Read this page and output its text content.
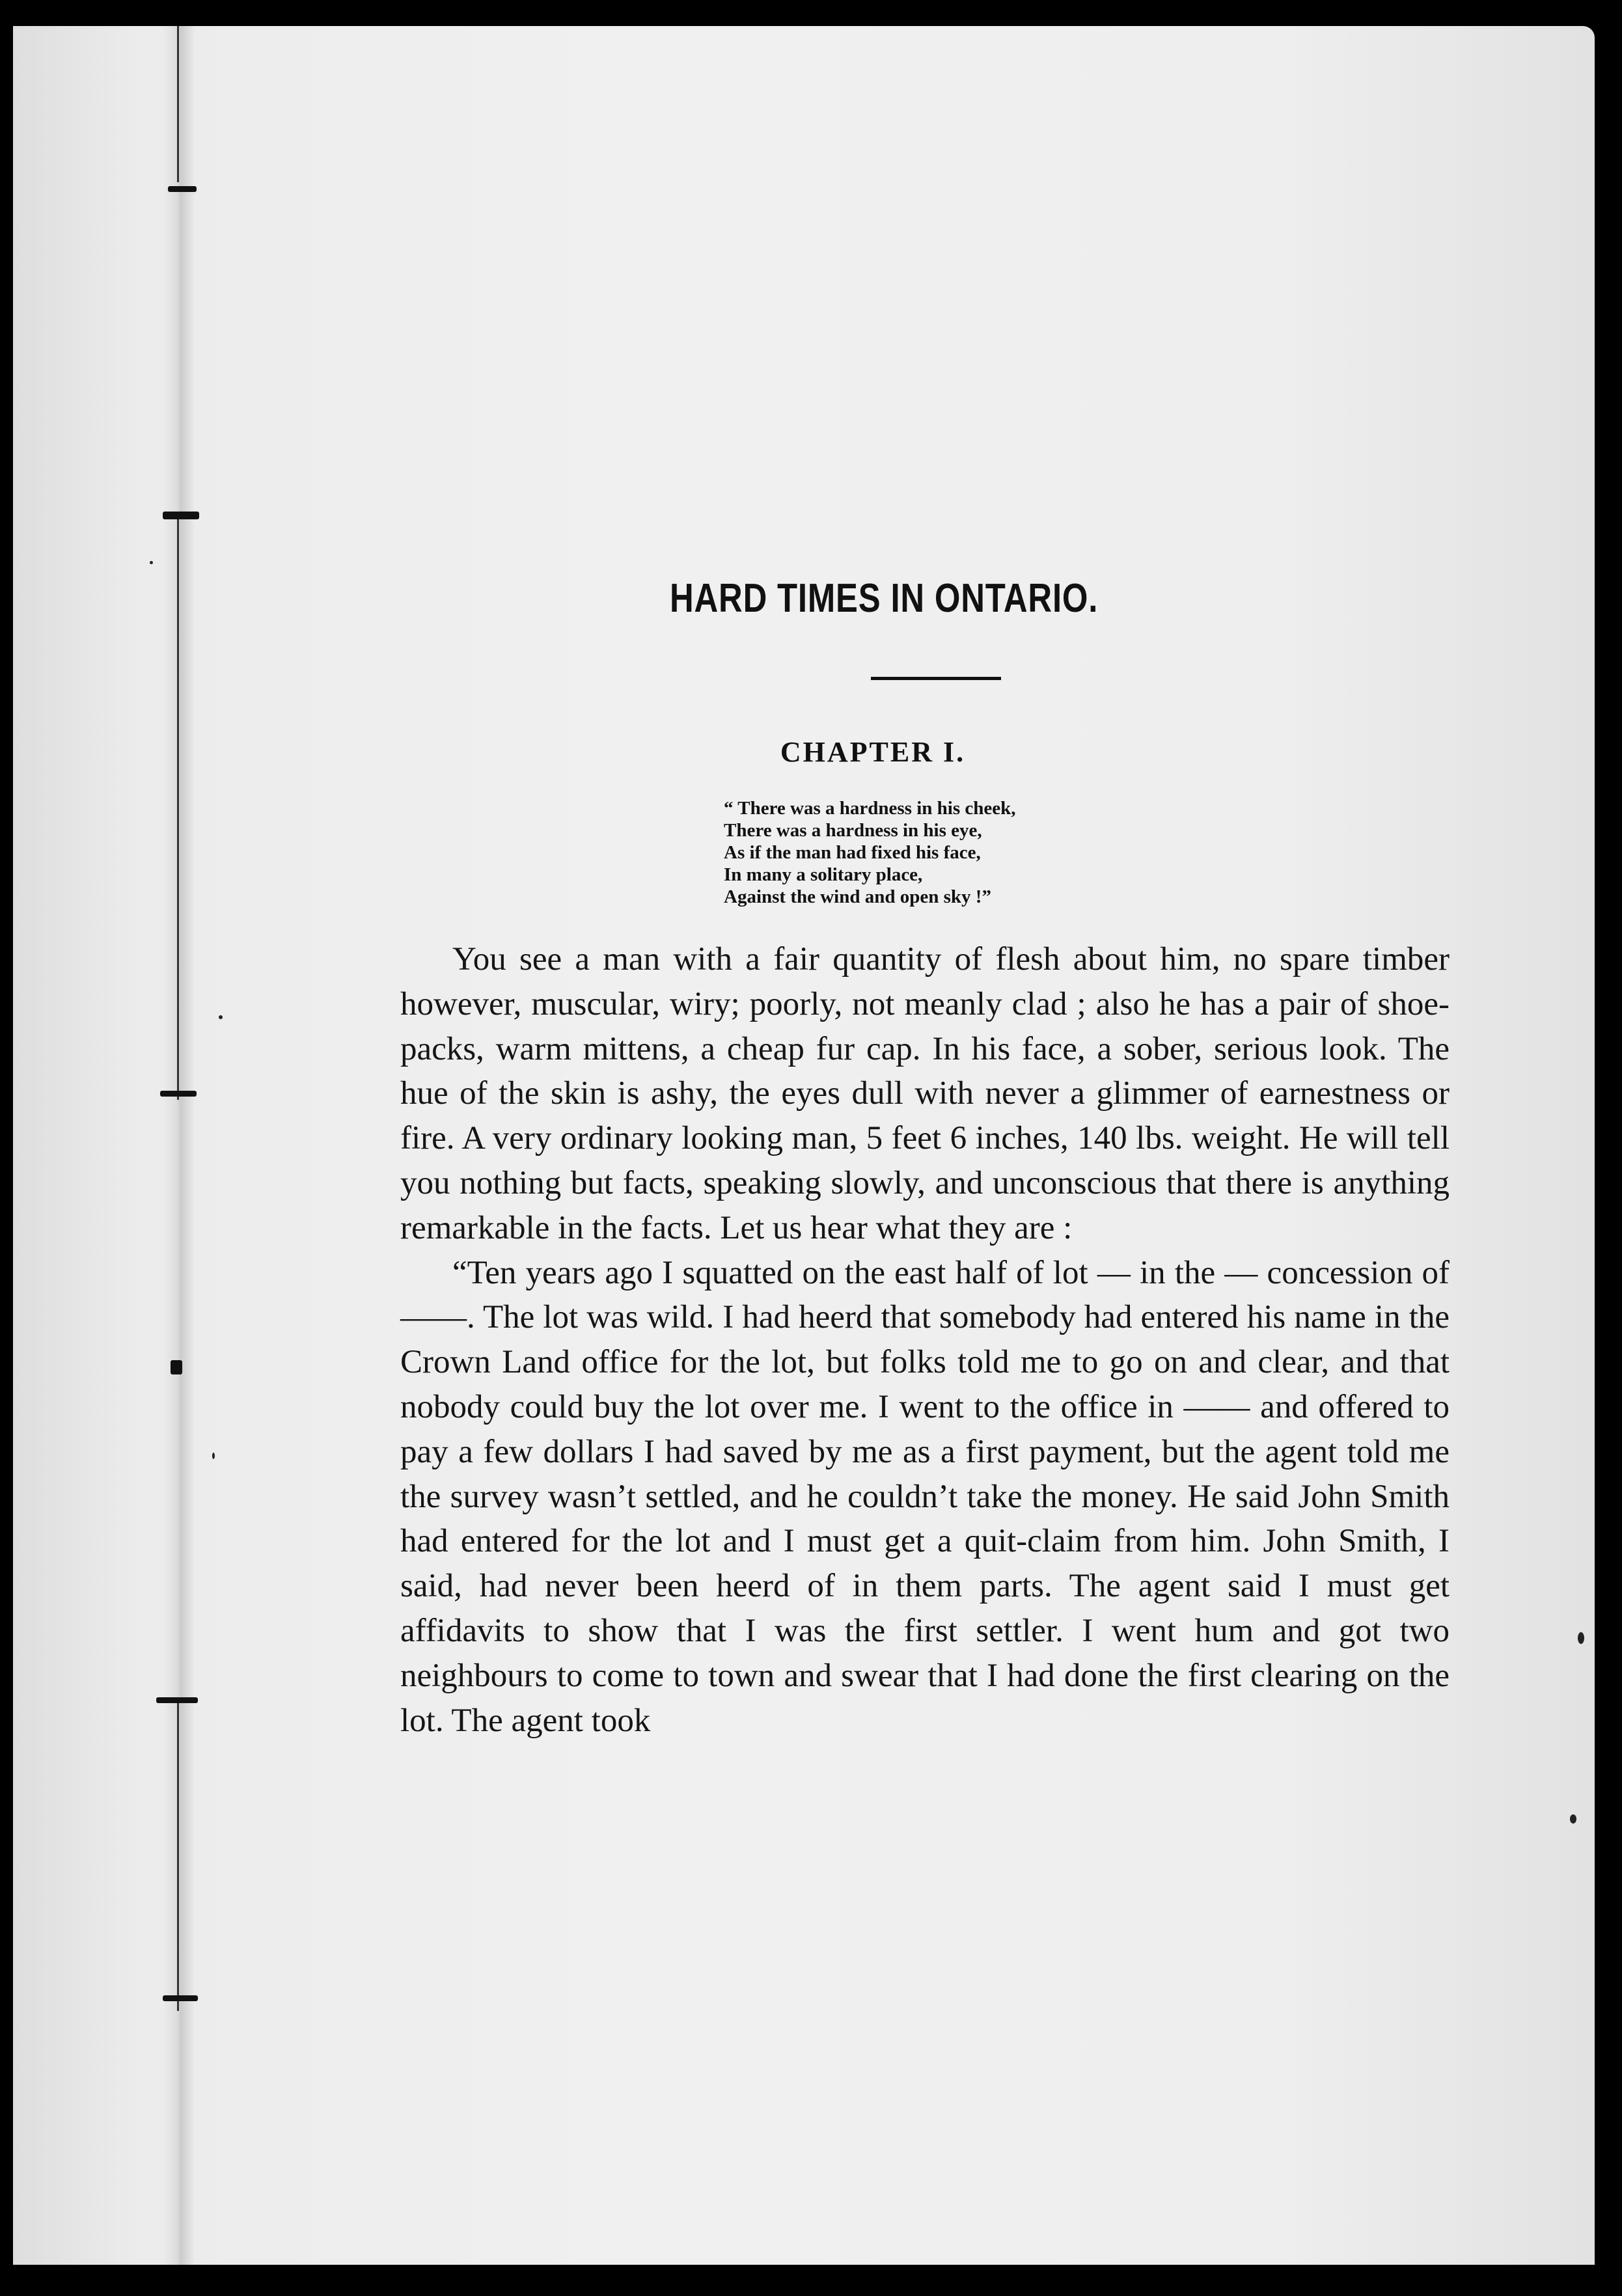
HARD TIMES IN ONTARIO.
CHAPTER I.
“ There was a hardness in his cheek,
There was a hardness in his eye,
As if the man had fixed his face,
In many a solitary place,
Against the wind and open sky !”

You see a man with a fair quantity of flesh about him, no spare timber however, muscular, wiry; poorly, not meanly clad ; also he has a pair of shoe-packs, warm mittens, a cheap fur cap. In his face, a sober, serious look. The hue of the skin is ashy, the eyes dull with never a glimmer of earnestness or fire. A very ordinary looking man, 5 feet 6 inches, 140 lbs. weight. He will tell you nothing but facts, speaking slowly, and unconscious that there is anything remarkable in the facts. Let us hear what they are :

“Ten years ago I squatted on the east half of lot — in the — concession of ——. The lot was wild. I had heerd that somebody had entered his name in the Crown Land office for the lot, but folks told me to go on and clear, and that nobody could buy the lot over me. I went to the office in —— and offered to pay a few dollars I had saved by me as a first payment, but the agent told me the survey wasn’t settled, and he couldn’t take the money. He said John Smith had entered for the lot and I must get a quit-claim from him. John Smith, I said, had never been heerd of in them parts. The agent said I must get affidavits to show that I was the first settler. I went hum and got two neighbours to come to town and swear that I had done the first clearing on the lot. The agent took
